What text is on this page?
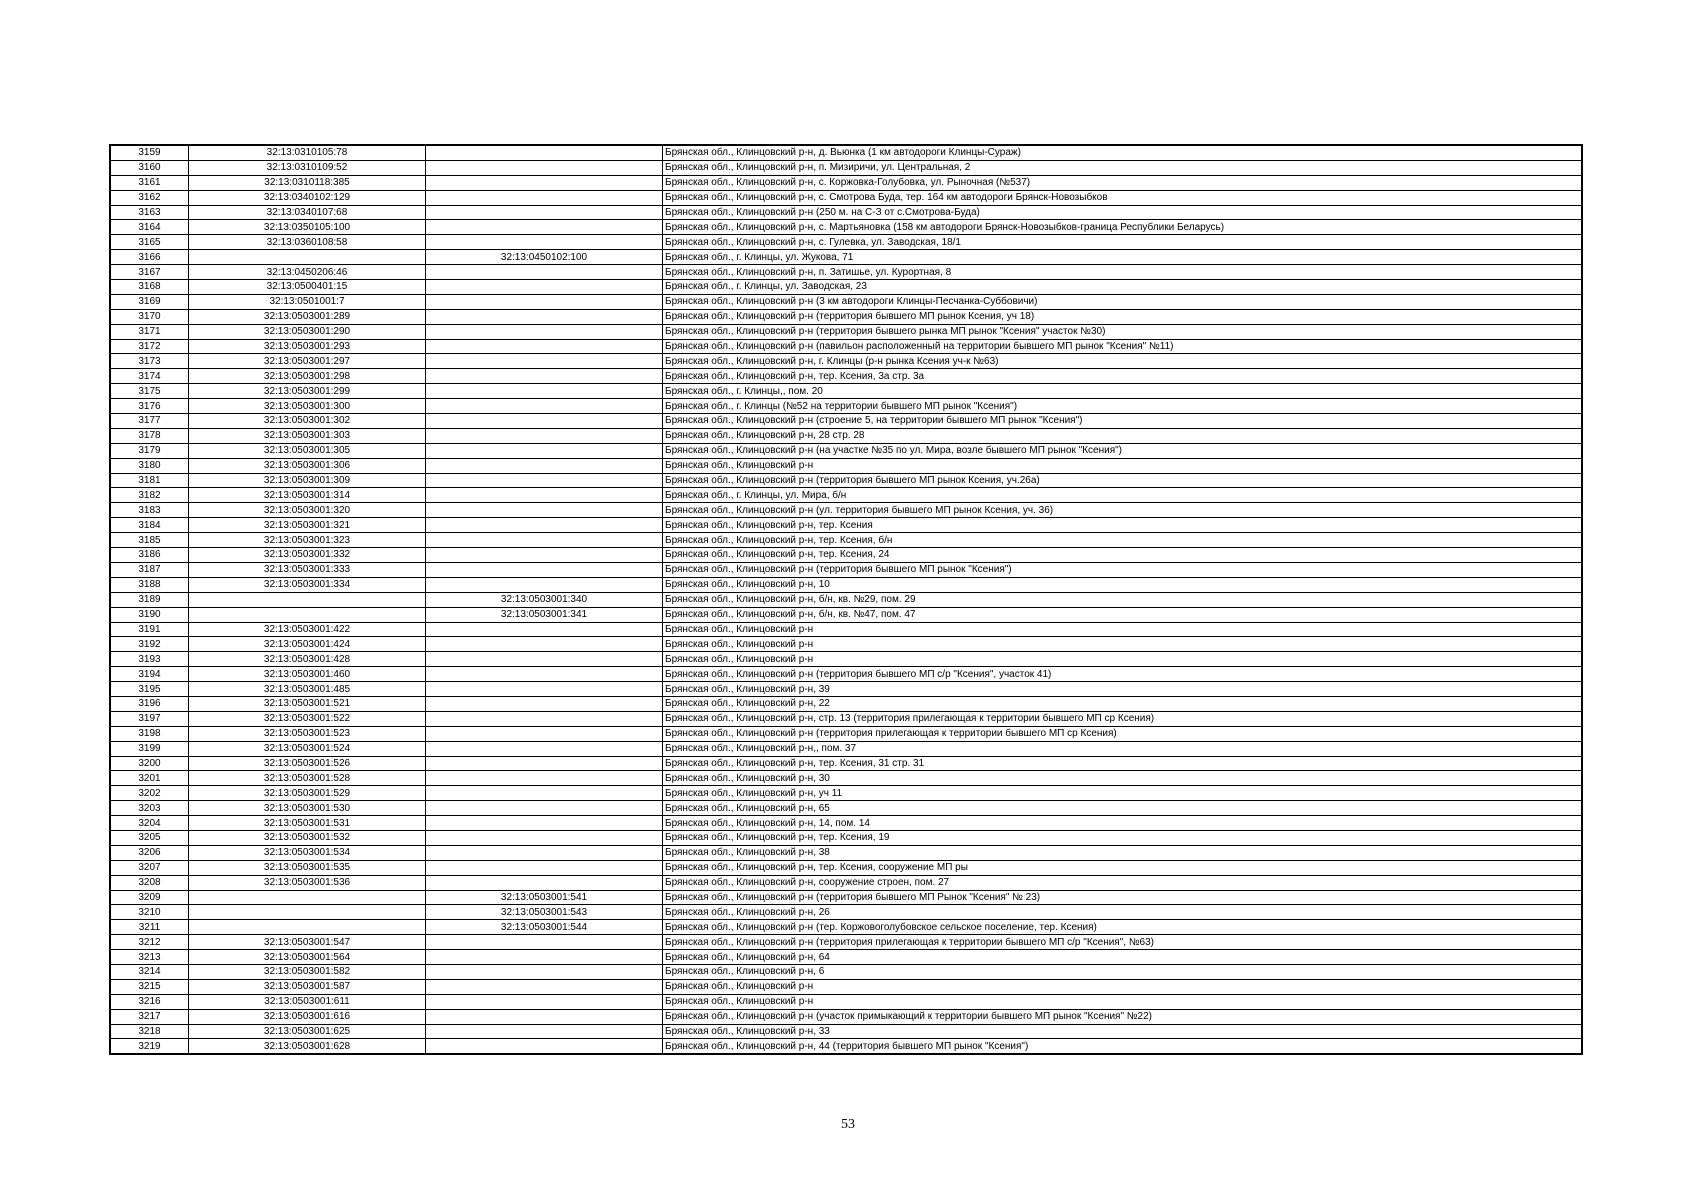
3159	32:13:0310105:78		Брянская обл., Клинцовский р-н, д. Вьюнка (1 км автодороги Клинцы-Сураж)
3160	32:13:0310109:52		Брянская обл., Клинцовский р-н, п. Мизиричи, ул. Центральная, 2
3161	32:13:0310118:385		Брянская обл., Клинцовский р-н, с. Коржовка-Голубовка, ул. Рыночная (№537)
3162	32:13:0340102:129		Брянская обл., Клинцовский р-н, с. Смотрова Буда, тер. 164 км автодороги Брянск-Новозыбков
3163	32:13:0340107:68		Брянская обл., Клинцовский р-н (250 м. на С-З от с.Смотрова-Буда)
3164	32:13:0350105:100		Брянская обл., Клинцовский р-н, с. Мартьяновка (158 км автодороги Брянск-Новозыбков-граница Республики Беларусь)
3165	32:13:0360108:58		Брянская обл., Клинцовский р-н, с. Гулевка, ул. Заводская, 18/1
3166		32:13:0450102:100	Брянская обл., г. Клинцы, ул. Жукова, 71
3167	32:13:0450206:46		Брянская обл., Клинцовский р-н, п. Затишье, ул. Курортная, 8
3168	32:13:0500401:15		Брянская обл., г. Клинцы, ул. Заводская, 23
3169	32:13:0501001:7		Брянская обл., Клинцовский р-н (3 км автодороги Клинцы-Песчанка-Суббовичи)
3170	32:13:0503001:289		Брянская обл., Клинцовский р-н (территория бывшего МП рынок Ксения, уч 18)
3171	32:13:0503001:290		Брянская обл., Клинцовский р-н (территория бывшего рынка МП рынок "Ксения" участок №30)
3172	32:13:0503001:293		Брянская обл., Клинцовский р-н (павильон расположенный на территории бывшего МП рынок "Ксения" №11)
3173	32:13:0503001:297		Брянская обл., Клинцовский р-н, г. Клинцы (р-н рынка Ксения уч-к №63)
3174	32:13:0503001:298		Брянская обл., Клинцовский р-н, тер. Ксения, 3а стр. 3а
3175	32:13:0503001:299		Брянская обл., г. Клинцы,, пом. 20
3176	32:13:0503001:300		Брянская обл., г. Клинцы (№52 на территории бывшего МП рынок "Ксения")
3177	32:13:0503001:302		Брянская обл., Клинцовский р-н (строение 5, на территории бывшего МП рынок "Ксения")
3178	32:13:0503001:303		Брянская обл., Клинцовский р-н, 28 стр. 28
3179	32:13:0503001:305		Брянская обл., Клинцовский р-н (на участке №35 по ул. Мира, возле бывшего МП рынок "Ксения")
3180	32:13:0503001:306		Брянская обл., Клинцовский р-н
3181	32:13:0503001:309		Брянская обл., Клинцовский р-н (территория бывшего МП рынок Ксения, уч.26а)
3182	32:13:0503001:314		Брянская обл., г. Клинцы, ул. Мира, б/н
3183	32:13:0503001:320		Брянская обл., Клинцовский р-н (ул. территория бывшего МП рынок Ксения, уч. 36)
3184	32:13:0503001:321		Брянская обл., Клинцовский р-н, тер. Ксения
3185	32:13:0503001:323		Брянская обл., Клинцовский р-н, тер. Ксения, б/н
3186	32:13:0503001:332		Брянская обл., Клинцовский р-н, тер. Ксения, 24
3187	32:13:0503001:333		Брянская обл., Клинцовский р-н (территория бывшего МП рынок "Ксения")
3188	32:13:0503001:334		Брянская обл., Клинцовский р-н, 10
3189		32:13:0503001:340	Брянская обл., Клинцовский р-н, б/н, кв. №29, пом. 29
3190		32:13:0503001:341	Брянская обл., Клинцовский р-н, б/н, кв. №47, пом. 47
3191	32:13:0503001:422		Брянская обл., Клинцовский р-н
3192	32:13:0503001:424		Брянская обл., Клинцовский р-н
3193	32:13:0503001:428		Брянская обл., Клинцовский р-н
3194	32:13:0503001:460		Брянская обл., Клинцовский р-н (территория бывшего МП с/р "Ксения", участок 41)
3195	32:13:0503001:485		Брянская обл., Клинцовский р-н, 39
3196	32:13:0503001:521		Брянская обл., Клинцовский р-н, 22
3197	32:13:0503001:522		Брянская обл., Клинцовский р-н, стр. 13 (территория прилегающая к территории бывшего МП ср Ксения)
3198	32:13:0503001:523		Брянская обл., Клинцовский р-н (территория прилегающая к территории бывшего МП ср Ксения)
3199	32:13:0503001:524		Брянская обл., Клинцовский р-н,, пом. 37
3200	32:13:0503001:526		Брянская обл., Клинцовский р-н, тер. Ксения, 31 стр. 31
3201	32:13:0503001:528		Брянская обл., Клинцовский р-н, 30
3202	32:13:0503001:529		Брянская обл., Клинцовский р-н, уч 11
3203	32:13:0503001:530		Брянская обл., Клинцовский р-н, 65
3204	32:13:0503001:531		Брянская обл., Клинцовский р-н, 14, пом. 14
3205	32:13:0503001:532		Брянская обл., Клинцовский р-н, тер. Ксения, 19
3206	32:13:0503001:534		Брянская обл., Клинцовский р-н, 38
3207	32:13:0503001:535		Брянская обл., Клинцовский р-н, тер. Ксения, сооружение МП ры
3208	32:13:0503001:536		Брянская обл., Клинцовский р-н, сооружение строен, пом. 27
3209		32:13:0503001:541	Брянская обл., Клинцовский р-н (территория бывшего МП Рынок "Ксения" № 23)
3210		32:13:0503001:543	Брянская обл., Клинцовский р-н, 26
3211		32:13:0503001:544	Брянская обл., Клинцовский р-н (тер. Коржовоголубовское сельское поселение, тер. Ксения)
3212	32:13:0503001:547		Брянская обл., Клинцовский р-н (территория прилегающая к территории бывшего МП с/р "Ксения", №63)
3213	32:13:0503001:564		Брянская обл., Клинцовский р-н, 64
3214	32:13:0503001:582		Брянская обл., Клинцовский р-н, 6
3215	32:13:0503001:587		Брянская обл., Клинцовский р-н
3216	32:13:0503001:611		Брянская обл., Клинцовский р-н
3217	32:13:0503001:616		Брянская обл., Клинцовский р-н (участок примыкающий к территории бывшего МП рынок "Ксения" №22)
3218	32:13:0503001:625		Брянская обл., Клинцовский р-н, 33
3219	32:13:0503001:628		Брянская обл., Клинцовский р-н, 44 (территория бывшего МП рынок "Ксения")
53
